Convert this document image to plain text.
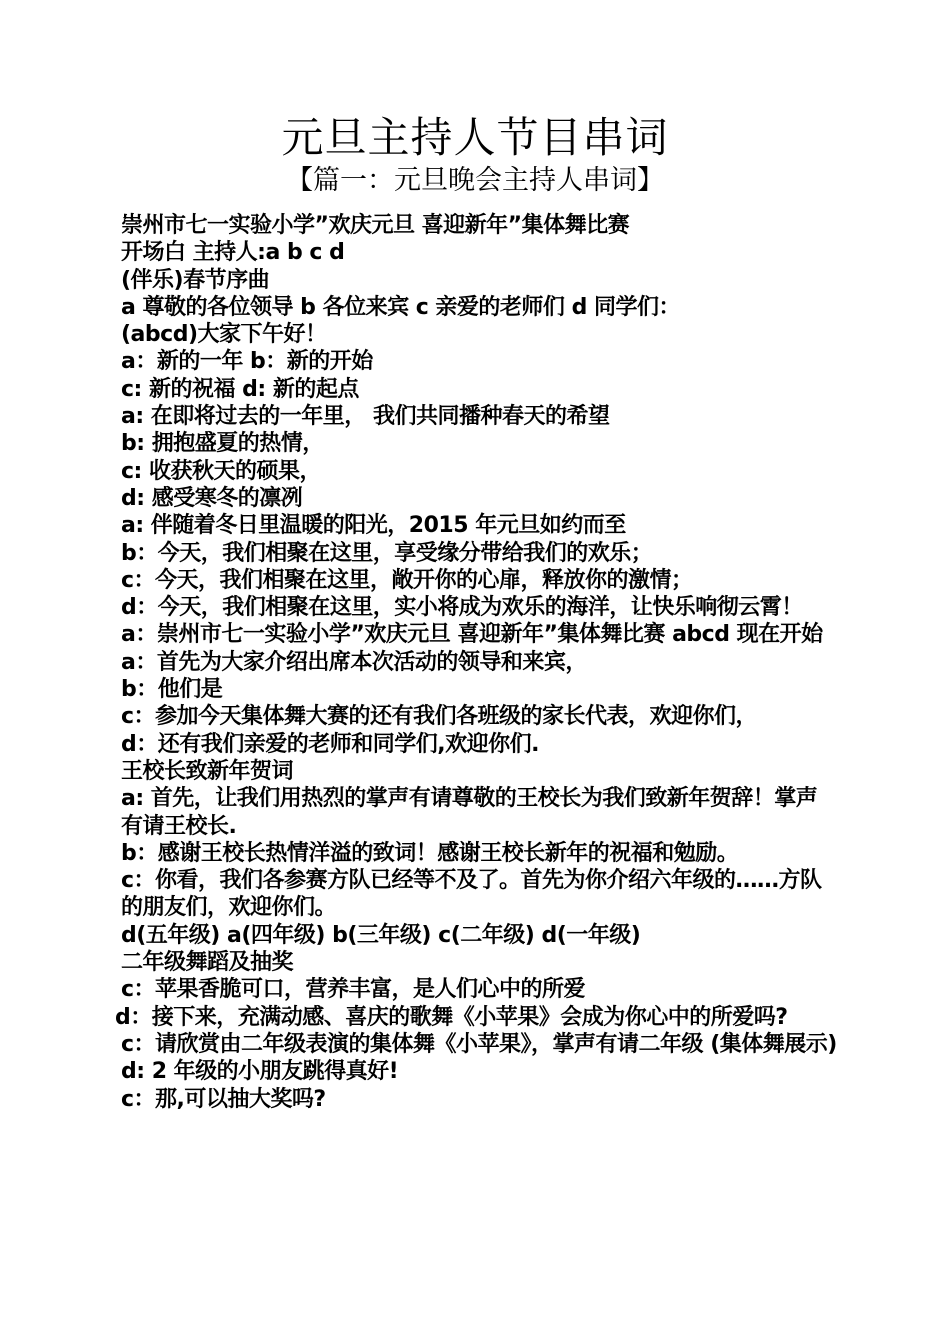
元旦主持人节目串词
【篇一：元旦晚会主持人串词】
崇州市七一实验小学”欢庆元旦 喜迎新年”集体舞比赛
开场白 主持人:a b c d
(伴乐)春节序曲
a 尊敬的各位领导 b 各位来宾 c 亲爱的老师们 d 同学们：
(abcd)大家下午好！
a：新的一年 b：新的开始
c: 新的祝福 d: 新的起点
a: 在即将过去的一年里， 我们共同播种春天的希望
b: 拥抱盛夏的热情，
c: 收获秋天的硕果，
d: 感受寒冬的凛冽
a: 伴随着冬日里温暖的阳光，2015 年元旦如约而至
b：今天，我们相聚在这里，享受缘分带给我们的欢乐；
c：今天，我们相聚在这里，敞开你的心扉，释放你的激情；
d：今天，我们相聚在这里，实小将成为欢乐的海洋，让快乐响彻云霄！
a：崇州市七一实验小学”欢庆元旦 喜迎新年”集体舞比赛 abcd 现在开始
a：首先为大家介绍出席本次活动的领导和来宾，
b：他们是
c：参加今天集体舞大赛的还有我们各班级的家长代表，欢迎你们，
d：还有我们亲爱的老师和同学们,欢迎你们.
王校长致新年贺词
a: 首先，让我们用热烈的掌声有请尊敬的王校长为我们致新年贺辞！掌声有请王校长.
b：感谢王校长热情洋溢的致词！感谢王校长新年的祝福和勉励。
c：你看，我们各参赛方队已经等不及了。首先为你介绍六年级的……方队的朋友们，欢迎你们。
d(五年级) a(四年级) b(三年级) c(二年级) d(一年级)
二年级舞蹈及抽奖
c：苹果香脆可口，营养丰富，是人们心中的所爱
d：接下来，充满动感、喜庆的歌舞《小苹果》会成为你心中的所爱吗?
c：请欣赏由二年级表演的集体舞《小苹果》，掌声有请二年级 (集体舞展示) d: 2 年级的小朋友跳得真好!
c：那,可以抽大奖吗?
